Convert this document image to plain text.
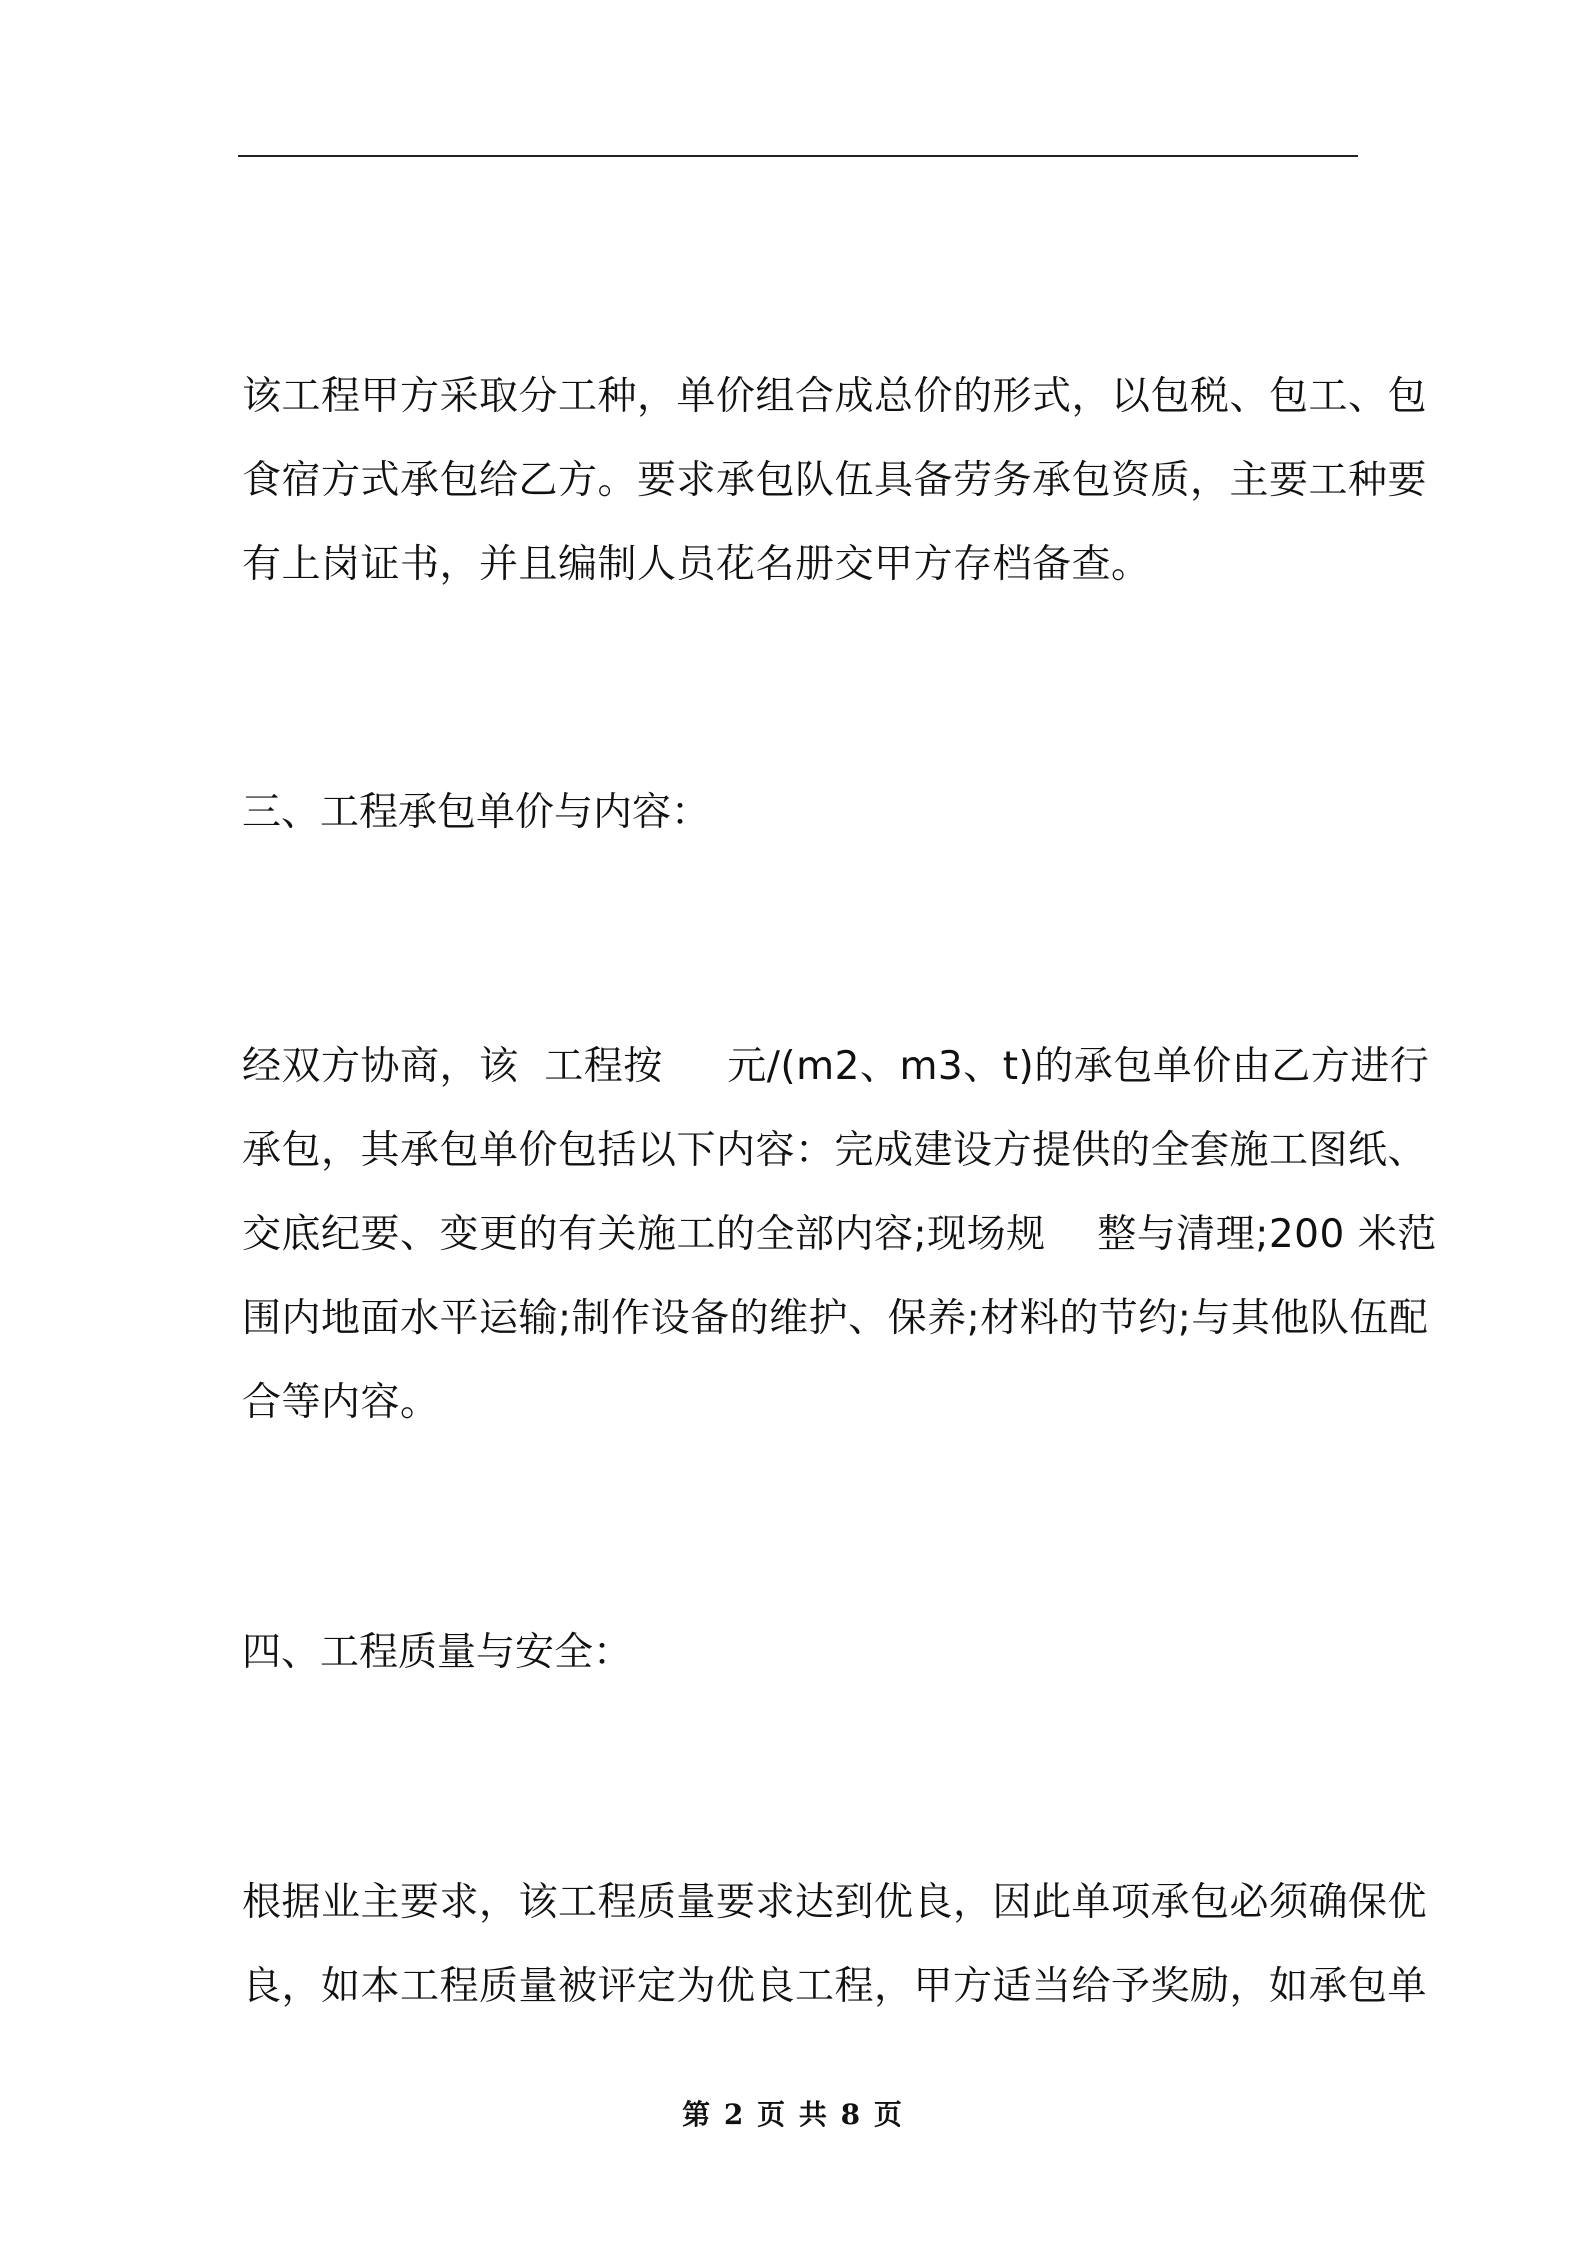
该工程甲方采取分工种，单价组合成总价的形式，以包税、包工、包
食宿方式承包给乙方。要求承包队伍具备劳务承包资质，主要工种要
有上岗证书，并且编制人员花名册交甲方存档备查。
三、工程承包单价与内容：
经双方协商，该  工程按     元/(m2、m3、t)的承包单价由乙方进行
承包，其承包单价包括以下内容：完成建设方提供的全套施工图纸、
交底纪要、变更的有关施工的全部内容;现场规    整与清理;200 米范
围内地面水平运输;制作设备的维护、保养;材料的节约;与其他队伍配
合等内容。
四、工程质量与安全：
根据业主要求，该工程质量要求达到优良，因此单项承包必须确保优
良，如本工程质量被评定为优良工程，甲方适当给予奖励，如承包单
第 2 页 共 8 页
